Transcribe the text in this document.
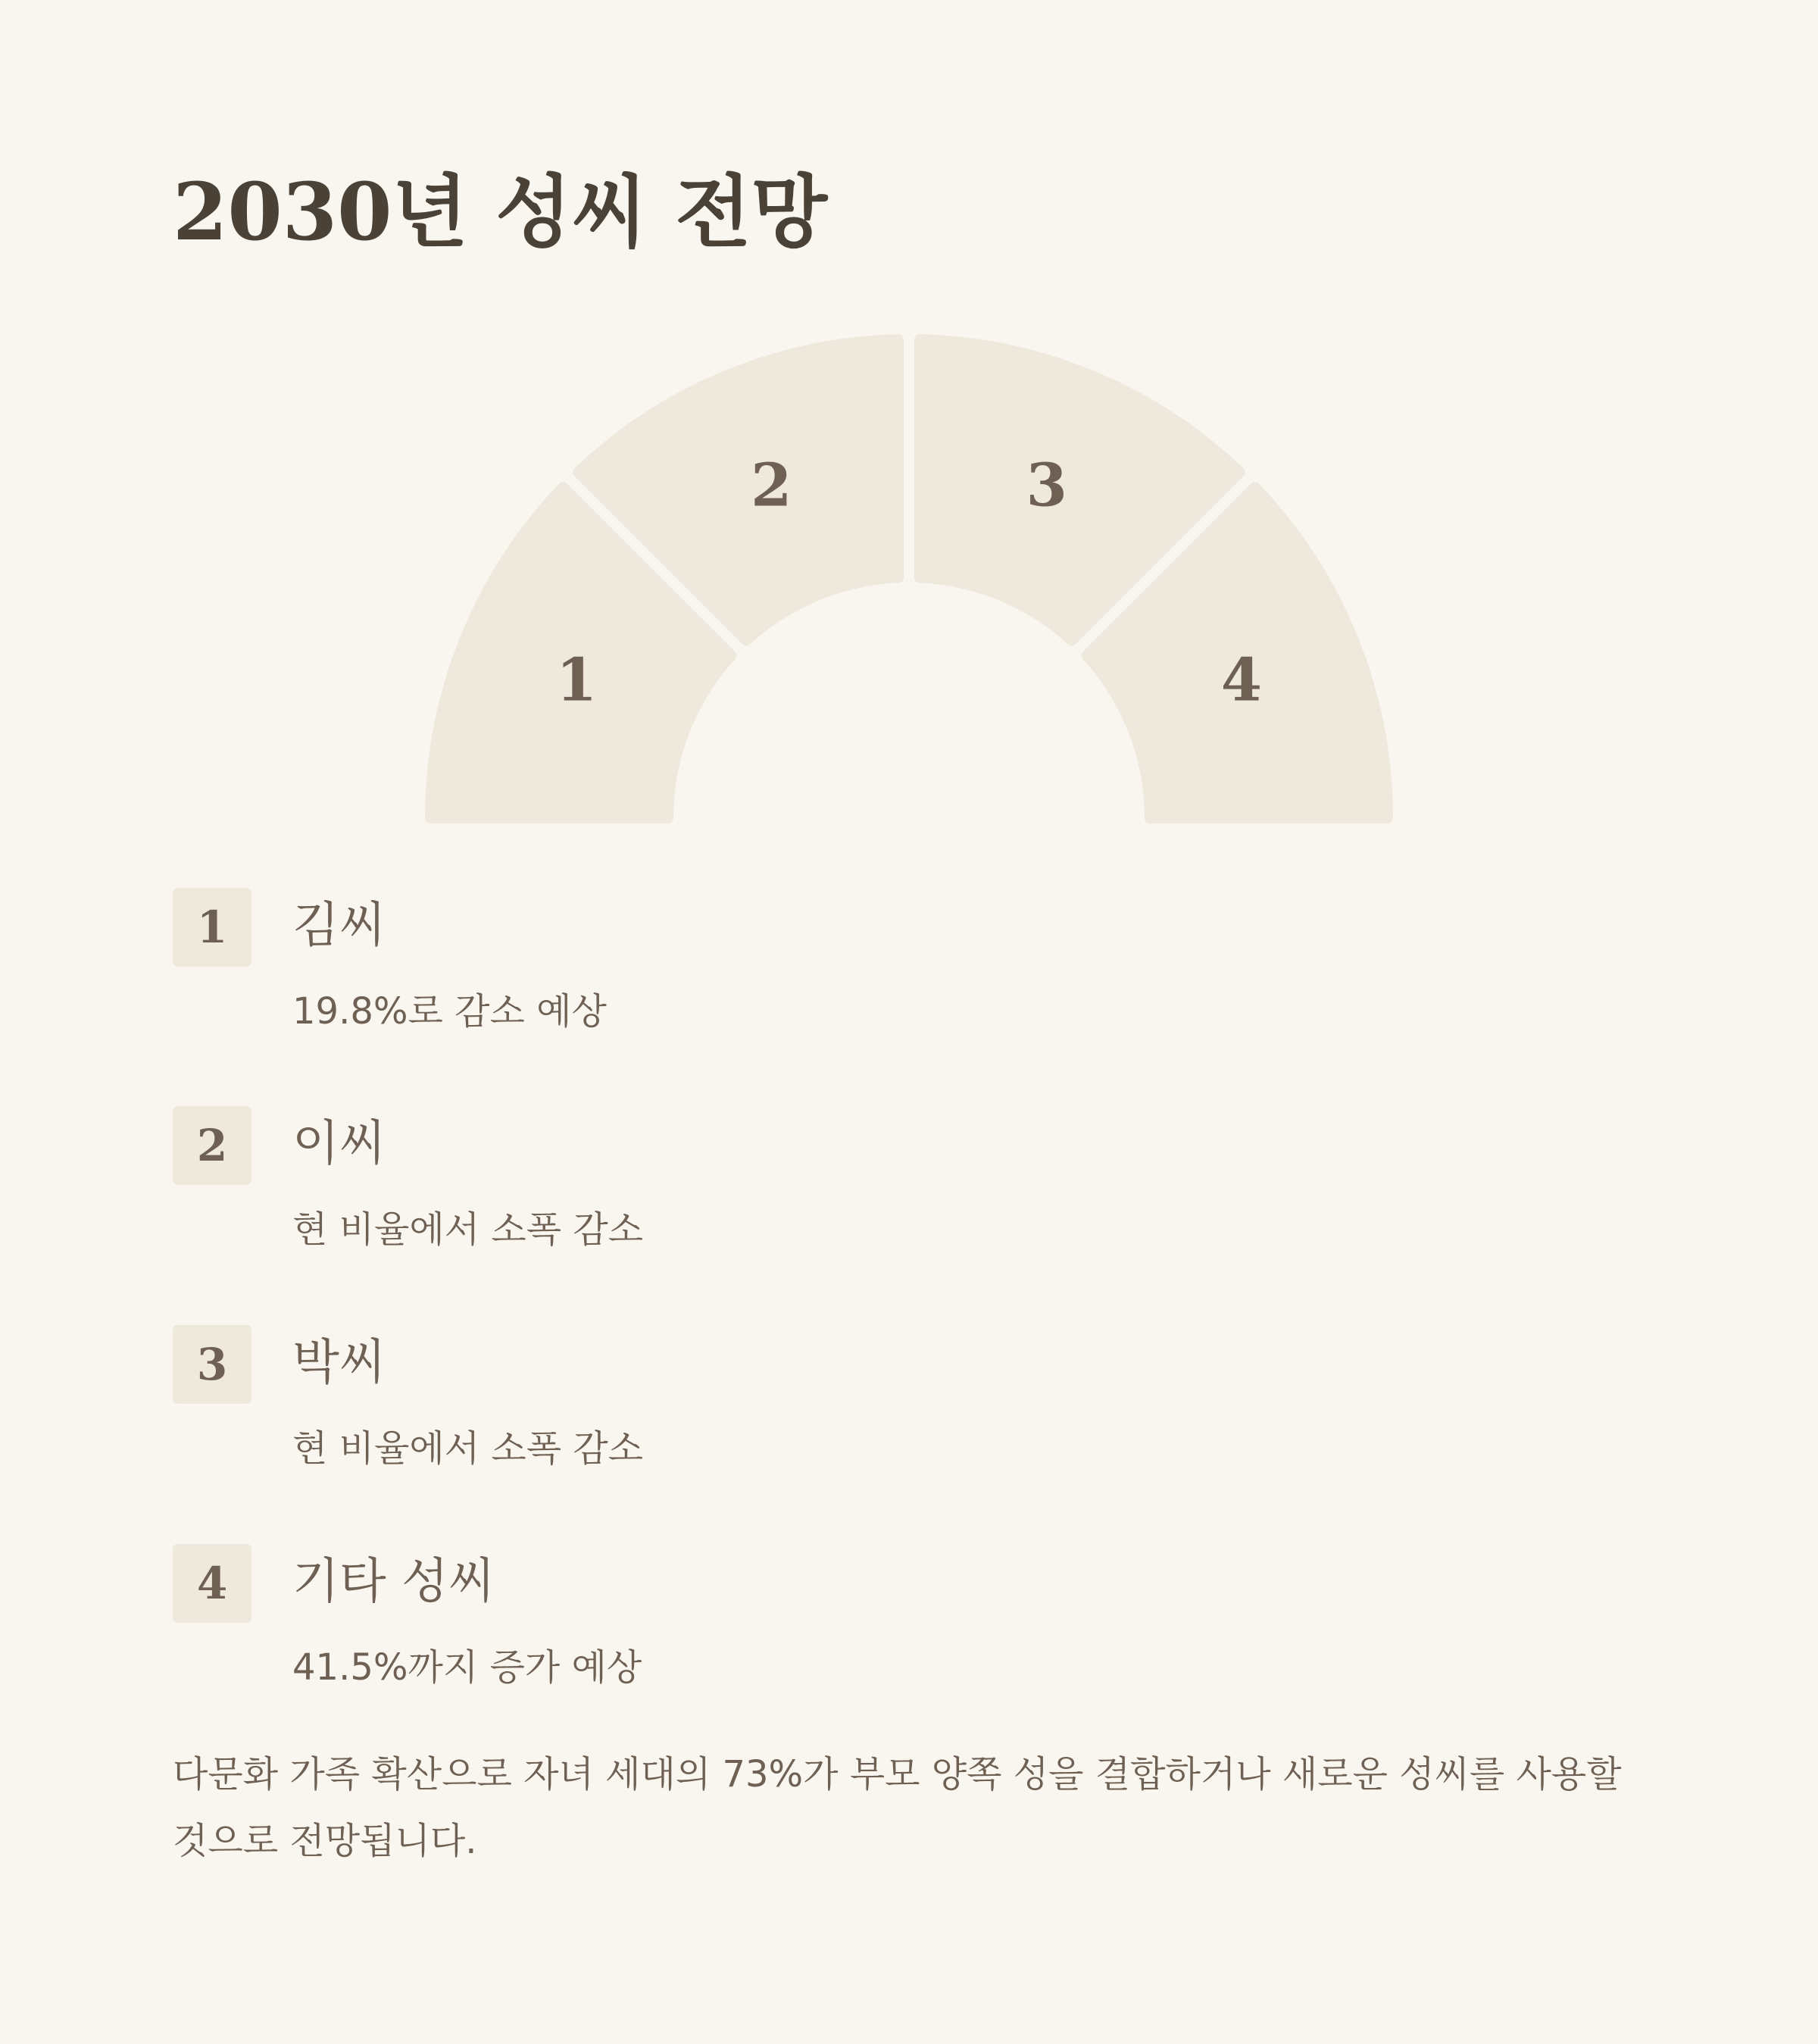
2030년 성씨 전망
1
2	3
4
1	김씨
19.8%로 감소 예상
2	이씨
현 비율에서 소폭 감소
3	박씨
현 비율에서 소폭 감소
4	기타 성씨
41.5%까지 증가 예상

다문화 가족 확산으로 자녀 세대의 73%가 부모 양쪽 성을 결합하거나 새로운 성씨를 사용할 것으로 전망됩니다.
